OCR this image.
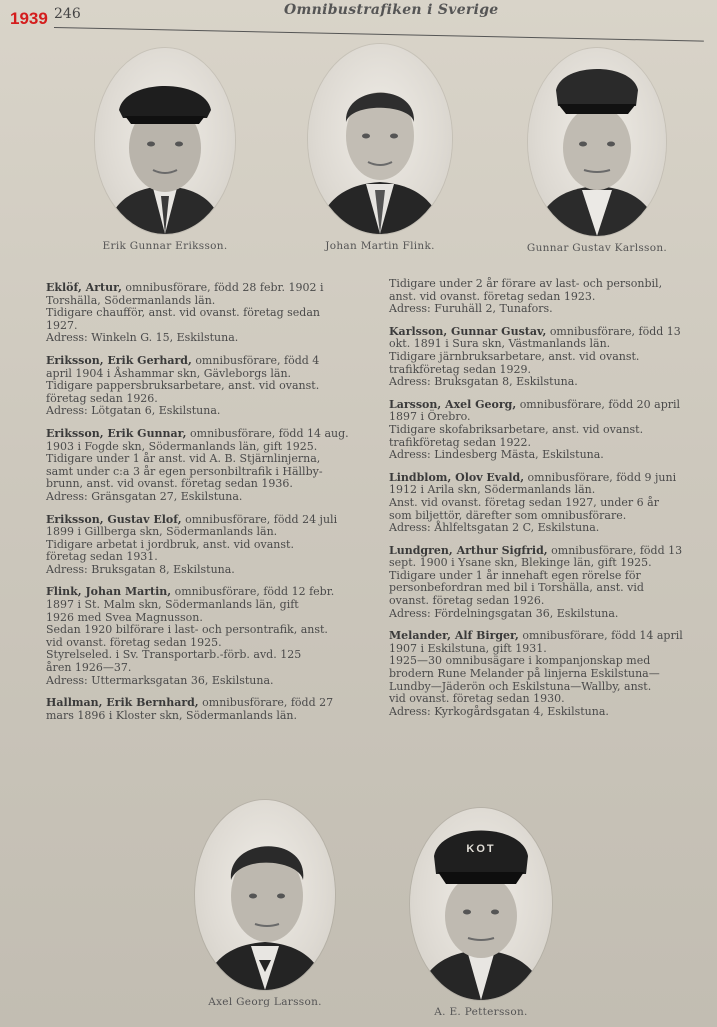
1939 246	Omnibustrafiken i Sverige
Erik Gunnar Eriksson.	Johan Martin Flink.	Gunnar Gustav Karlsson.
Eklöf, Artur, omnibusförare, född 28 febr. 1902 i
Torshälla, Södermanlands län.
Tidigare chaufför, anst. vid ovanst. företag sedan
1927.
Adress: Winkeln G. 15, Eskilstuna.
Eriksson, Erik Gerhard, omnibusförare, född 4
april 1904 i Åshammar skn, Gävleborgs län.
Tidigare pappersbruksarbetare, anst. vid ovanst.
företag sedan 1926.
Adress: Lötgatan 6, Eskilstuna.
Eriksson, Erik Gunnar, omnibusförare, född 14 aug.
1903 i Fogde skn, Södermanlands län, gift 1925.
Tidigare under 1 år anst. vid A. B. Stjärnlinjerna,
samt under c:a 3 år egen personbiltrafik i Hällby-
brunn, anst. vid ovanst. företag sedan 1936.
Adress: Gränsgatan 27, Eskilstuna.
Eriksson, Gustav Elof, omnibusförare, född 24 juli
1899 i Gillberga skn, Södermanlands län.
Tidigare arbetat i jordbruk, anst. vid ovanst.
företag sedan 1931.
Adress: Bruksgatan 8, Eskilstuna.
Flink, Johan Martin, omnibusförare, född 12 febr.
1897 i St. Malm skn, Södermanlands län, gift
1926 med Svea Magnusson.
Sedan 1920 bilförare i last- och persontrafik, anst.
vid ovanst. företag sedan 1925.
Styrelseled. i Sv. Transportarb.-förb. avd. 125
åren 1926—37.
Adress: Uttermarksgatan 36, Eskilstuna.
Hallman, Erik Bernhard, omnibusförare, född 27
mars 1896 i Kloster skn, Södermanlands län.
Tidigare under 2 år förare av last- och personbil,
anst. vid ovanst. företag sedan 1923.
Adress: Furuhäll 2, Tunafors.
Karlsson, Gunnar Gustav, omnibusförare, född 13
okt. 1891 i Sura skn, Västmanlands län.
Tidigare järnbruksarbetare, anst. vid ovanst.
trafikföretag sedan 1929.
Adress: Bruksgatan 8, Eskilstuna.
Larsson, Axel Georg, omnibusförare, född 20 april
1897 i Örebro.
Tidigare skofabriksarbetare, anst. vid ovanst.
trafikföretag sedan 1922.
Adress: Lindesberg Mästa, Eskilstuna.
Lindblom, Olov Evald, omnibusförare, född 9 juni
1912 i Arila skn, Södermanlands län.
Anst. vid ovanst. företag sedan 1927, under 6 år
som biljettör, därefter som omnibusförare.
Adress: Åhlfeltsgatan 2 C, Eskilstuna.
Lundgren, Arthur Sigfrid, omnibusförare, född 13
sept. 1900 i Ysane skn, Blekinge län, gift 1925.
Tidigare under 1 år innehaft egen rörelse för
personbefordran med bil i Torshälla, anst. vid
ovanst. företag sedan 1926.
Adress: Fördelningsgatan 36, Eskilstuna.
Melander, Alf Birger, omnibusförare, född 14 april
1907 i Eskilstuna, gift 1931.
1925—30 omnibusägare i kompanjonskap med
brodern Rune Melander på linjerna Eskilstuna—
Lundby—Jäderön och Eskilstuna—Wallby, anst.
vid ovanst. företag sedan 1930.
Adress: Kyrkogårdsgatan 4, Eskilstuna.
Axel Georg Larsson.
KOT
A. E. Pettersson.
